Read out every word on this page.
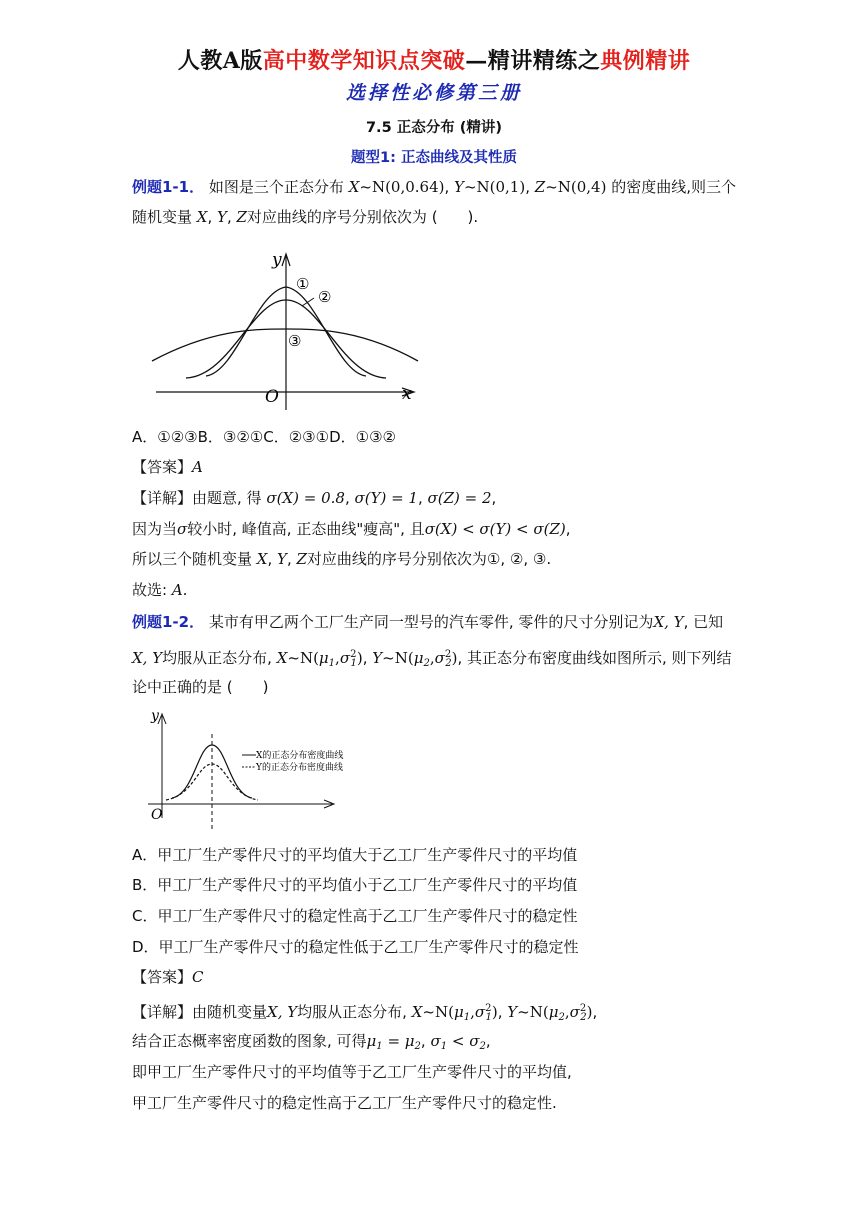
人教A版高中数学知识点突破—精讲精练之典例精讲
选择性必修第三册
7.5 正态分布 (精讲)
题型1: 正态曲线及其性质
例题1-1． 如图是三个正态分布 X~N(0,0.64), Y~N(0,1), Z~N(0,4) 的密度曲线,则三个
随机变量 X, Y, Z对应曲线的序号分别依次为 (　　).
①
②
③
y
x
O
A．①②③B．③②①C．②③①D．①③②
【答案】A
【详解】由题意, 得 σ(X) = 0.8, σ(Y) = 1, σ(Z) = 2,
因为当σ较小时, 峰值高, 正态曲线"瘦高", 且σ(X) < σ(Y) < σ(Z),
所以三个随机变量 X, Y, Z对应曲线的序号分别依次为①, ②, ③.
故选: A.
例题1-2． 某市有甲乙两个工厂生产同一型号的汽车零件, 零件的尺寸分别记为X, Y, 已知
X, Y均服从正态分布, $X\sim N(\mu_1,\sigma^2_1)$, $Y\sim N(\mu_2,\sigma^2_2)$, 其正态分布密度曲线如图所示, 则下列结
论中正确的是 (　　)
X的正态分布密度曲线
Y的正态分布密度曲线
y
O
A．甲工厂生产零件尺寸的平均值大于乙工厂生产零件尺寸的平均值
B．甲工厂生产零件尺寸的平均值小于乙工厂生产零件尺寸的平均值
C．甲工厂生产零件尺寸的稳定性高于乙工厂生产零件尺寸的稳定性
D．甲工厂生产零件尺寸的稳定性低于乙工厂生产零件尺寸的稳定性
【答案】C
【详解】由随机变量X, Y均服从正态分布, $X\sim N(\mu_1,\sigma^2_1)$, $Y\sim N(\mu_2,\sigma^2_2)$,
结合正态概率密度函数的图象, 可得$\mu_1 = \mu_2$, $\sigma_1 < \sigma_2$,
即甲工厂生产零件尺寸的平均值等于乙工厂生产零件尺寸的平均值,
甲工厂生产零件尺寸的稳定性高于乙工厂生产零件尺寸的稳定性.
